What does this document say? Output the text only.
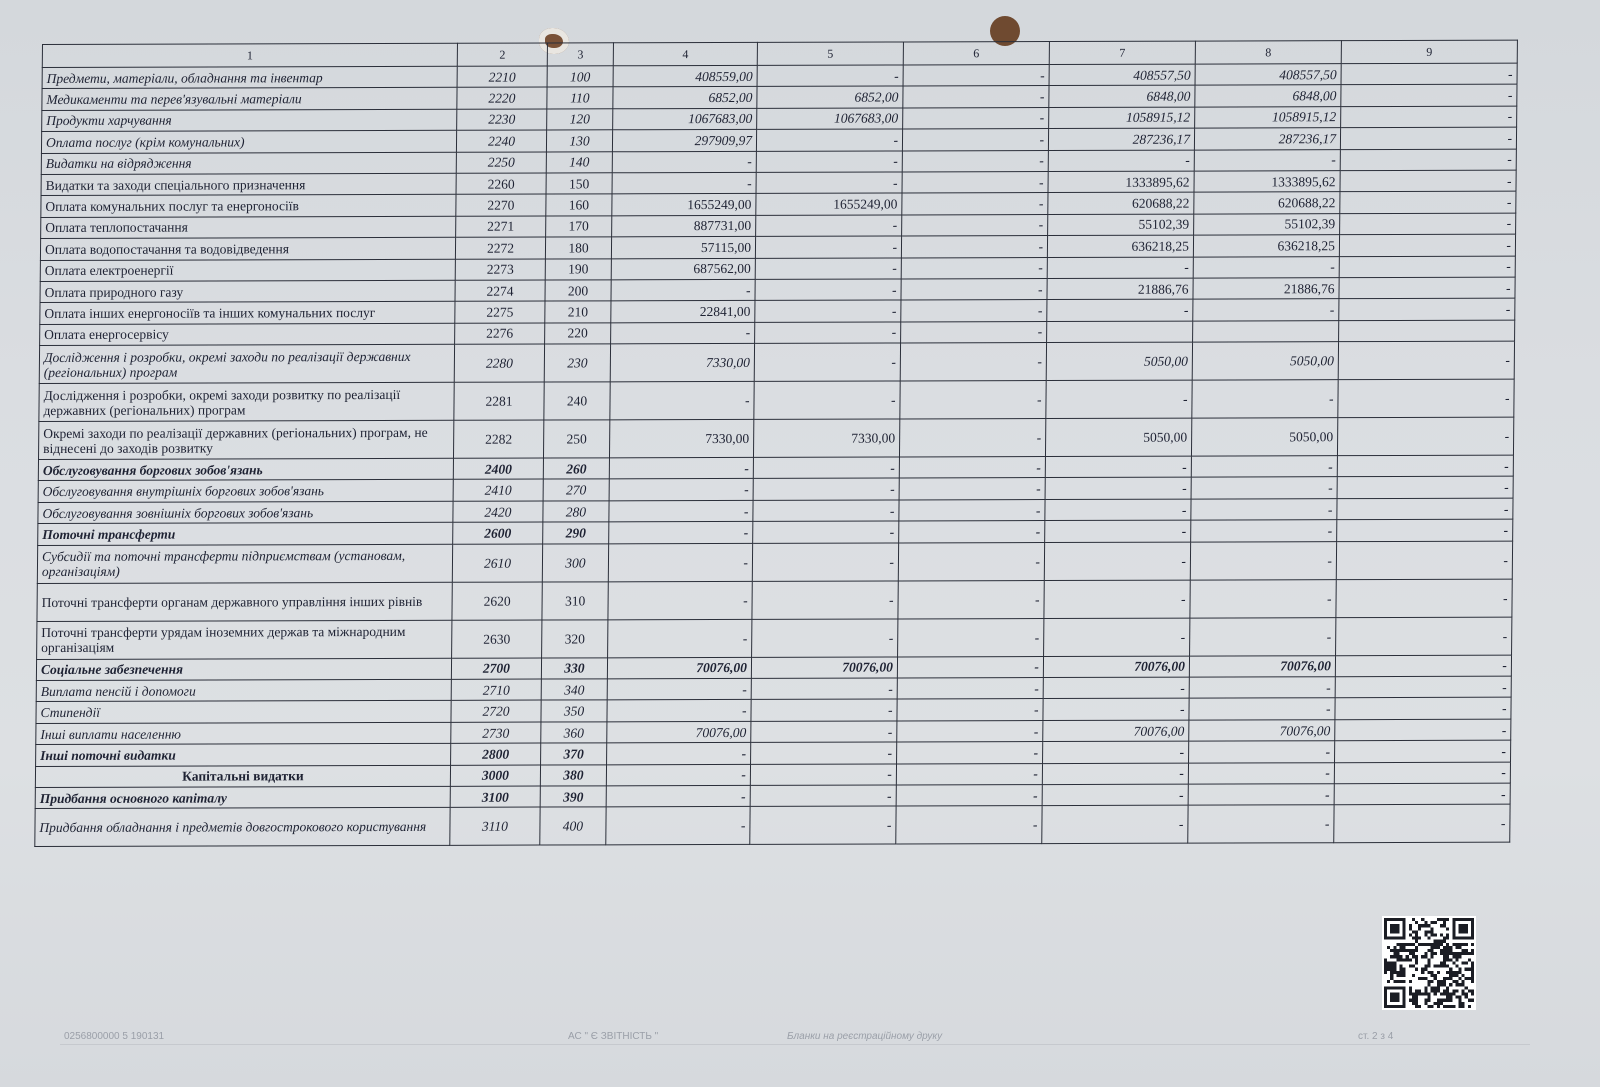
1	2	3	4	5	6	7	8	9
Предмети, матеріали, обладнання та інвентар	2210	100	408559,00	-	-	408557,50	408557,50	-
Медикаменти та перев'язувальні матеріали	2220	110	6852,00	6852,00	-	6848,00	6848,00	-
Продукти харчування	2230	120	1067683,00	1067683,00	-	1058915,12	1058915,12	-
Оплата послуг (крім комунальних)	2240	130	297909,97	-	-	287236,17	287236,17	-
Видатки на відрядження	2250	140	-	-	-	-	-	-
Видатки та заходи спеціального призначення	2260	150	-	-	-	1333895,62	1333895,62	-
Оплата комунальних послуг та енергоносіїв	2270	160	1655249,00	1655249,00	-	620688,22	620688,22	-
Оплата теплопостачання	2271	170	887731,00	-	-	55102,39	55102,39	-
Оплата водопостачання та водовідведення	2272	180	57115,00	-	-	636218,25	636218,25	-
Оплата електроенергії	2273	190	687562,00	-	-	-	-	-
Оплата природного газу	2274	200	-	-	-	21886,76	21886,76	-
Оплата інших енергоносіїв та інших комунальних послуг	2275	210	22841,00	-	-	-	-	-
Оплата енергосервісу	2276	220	-	-	-			
Дослідження і розробки, окремі заходи по реалізації державних (регіональних) програм	2280	230	7330,00	-	-	5050,00	5050,00	-
Дослідження і розробки, окремі заходи розвитку по реалізації державних (регіональних) програм	2281	240	-	-	-	-	-	-
Окремі заходи по реалізації державних (регіональних) програм, не віднесені до заходів розвитку	2282	250	7330,00	7330,00	-	5050,00	5050,00	-
Обслуговування боргових зобов'язань	2400	260	-	-	-	-	-	-
Обслуговування внутрішніх боргових зобов'язань	2410	270	-	-	-	-	-	-
Обслуговування зовнішніх боргових зобов'язань	2420	280	-	-	-	-	-	-
Поточні трансферти	2600	290	-	-	-	-	-	-
Субсидії та поточні трансферти підприємствам (установам, організаціям)	2610	300	-	-	-	-	-	-
Поточні трансферти органам державного управління інших рівнів	2620	310	-	-	-	-	-	-
Поточні трансферти урядам іноземних держав та міжнародним організаціям	2630	320	-	-	-	-	-	-
Соціальне забезпечення	2700	330	70076,00	70076,00	-	70076,00	70076,00	-
Виплата пенсій і допомоги	2710	340	-	-	-	-	-	-
Стипендії	2720	350	-	-	-	-	-	-
Інші виплати населенню	2730	360	70076,00	-	-	70076,00	70076,00	-
Інші поточні видатки	2800	370	-	-	-	-	-	-
Капітальні видатки	3000	380	-	-	-	-	-	-
Придбання основного капіталу	3100	390	-	-	-	-	-	-
Придбання обладнання і предметів довгострокового користування	3110	400	-	-	-	-	-	-
0256800000 5 190131	АС " Є ЗВІТНІСТЬ "	Бланки на реєстраційному друку	ст. 2 з 4
